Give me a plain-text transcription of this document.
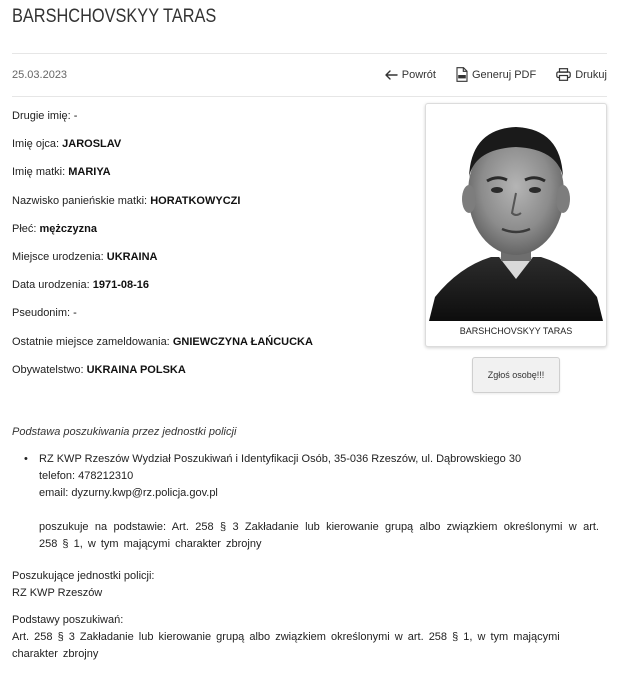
BARSHCHOVSKYY TARAS
25.03.2023	Powrót	Generuj PDF	Drukuj
Drugie imię: -
Imię ojca: JAROSLAV
Imię matki: MARIYA
Nazwisko panieńskie matki: HORATKOWYCZI
Płeć: mężczyzna
Miejsce urodzenia: UKRAINA
Data urodzenia: 1971-08-16
Pseudonim: -
Ostatnie miejsce zameldowania: GNIEWCZYNA ŁAŃCUCKA
Obywatelstwo: UKRAINA POLSKA
BARSHCHOVSKYY TARAS
Zgłoś osobę!!!
Podstawa poszukiwania przez jednostki policji
• RZ KWP Rzeszów Wydział Poszukiwań i Identyfikacji Osób, 35-036 Rzeszów, ul. Dąbrowskiego 30
telefon: 478212310
email: dyzurny.kwp@rz.policja.gov.pl
poszukuje na podstawie: Art. 258 § 3 Zakładanie lub kierowanie grupą albo związkiem określonymi w art. 258 § 1, w tym mającymi charakter zbrojny
Poszukujące jednostki policji:
RZ KWP Rzeszów
Podstawy poszukiwań:
Art. 258 § 3 Zakładanie lub kierowanie grupą albo związkiem określonymi w art. 258 § 1, w tym mającymi charakter zbrojny
